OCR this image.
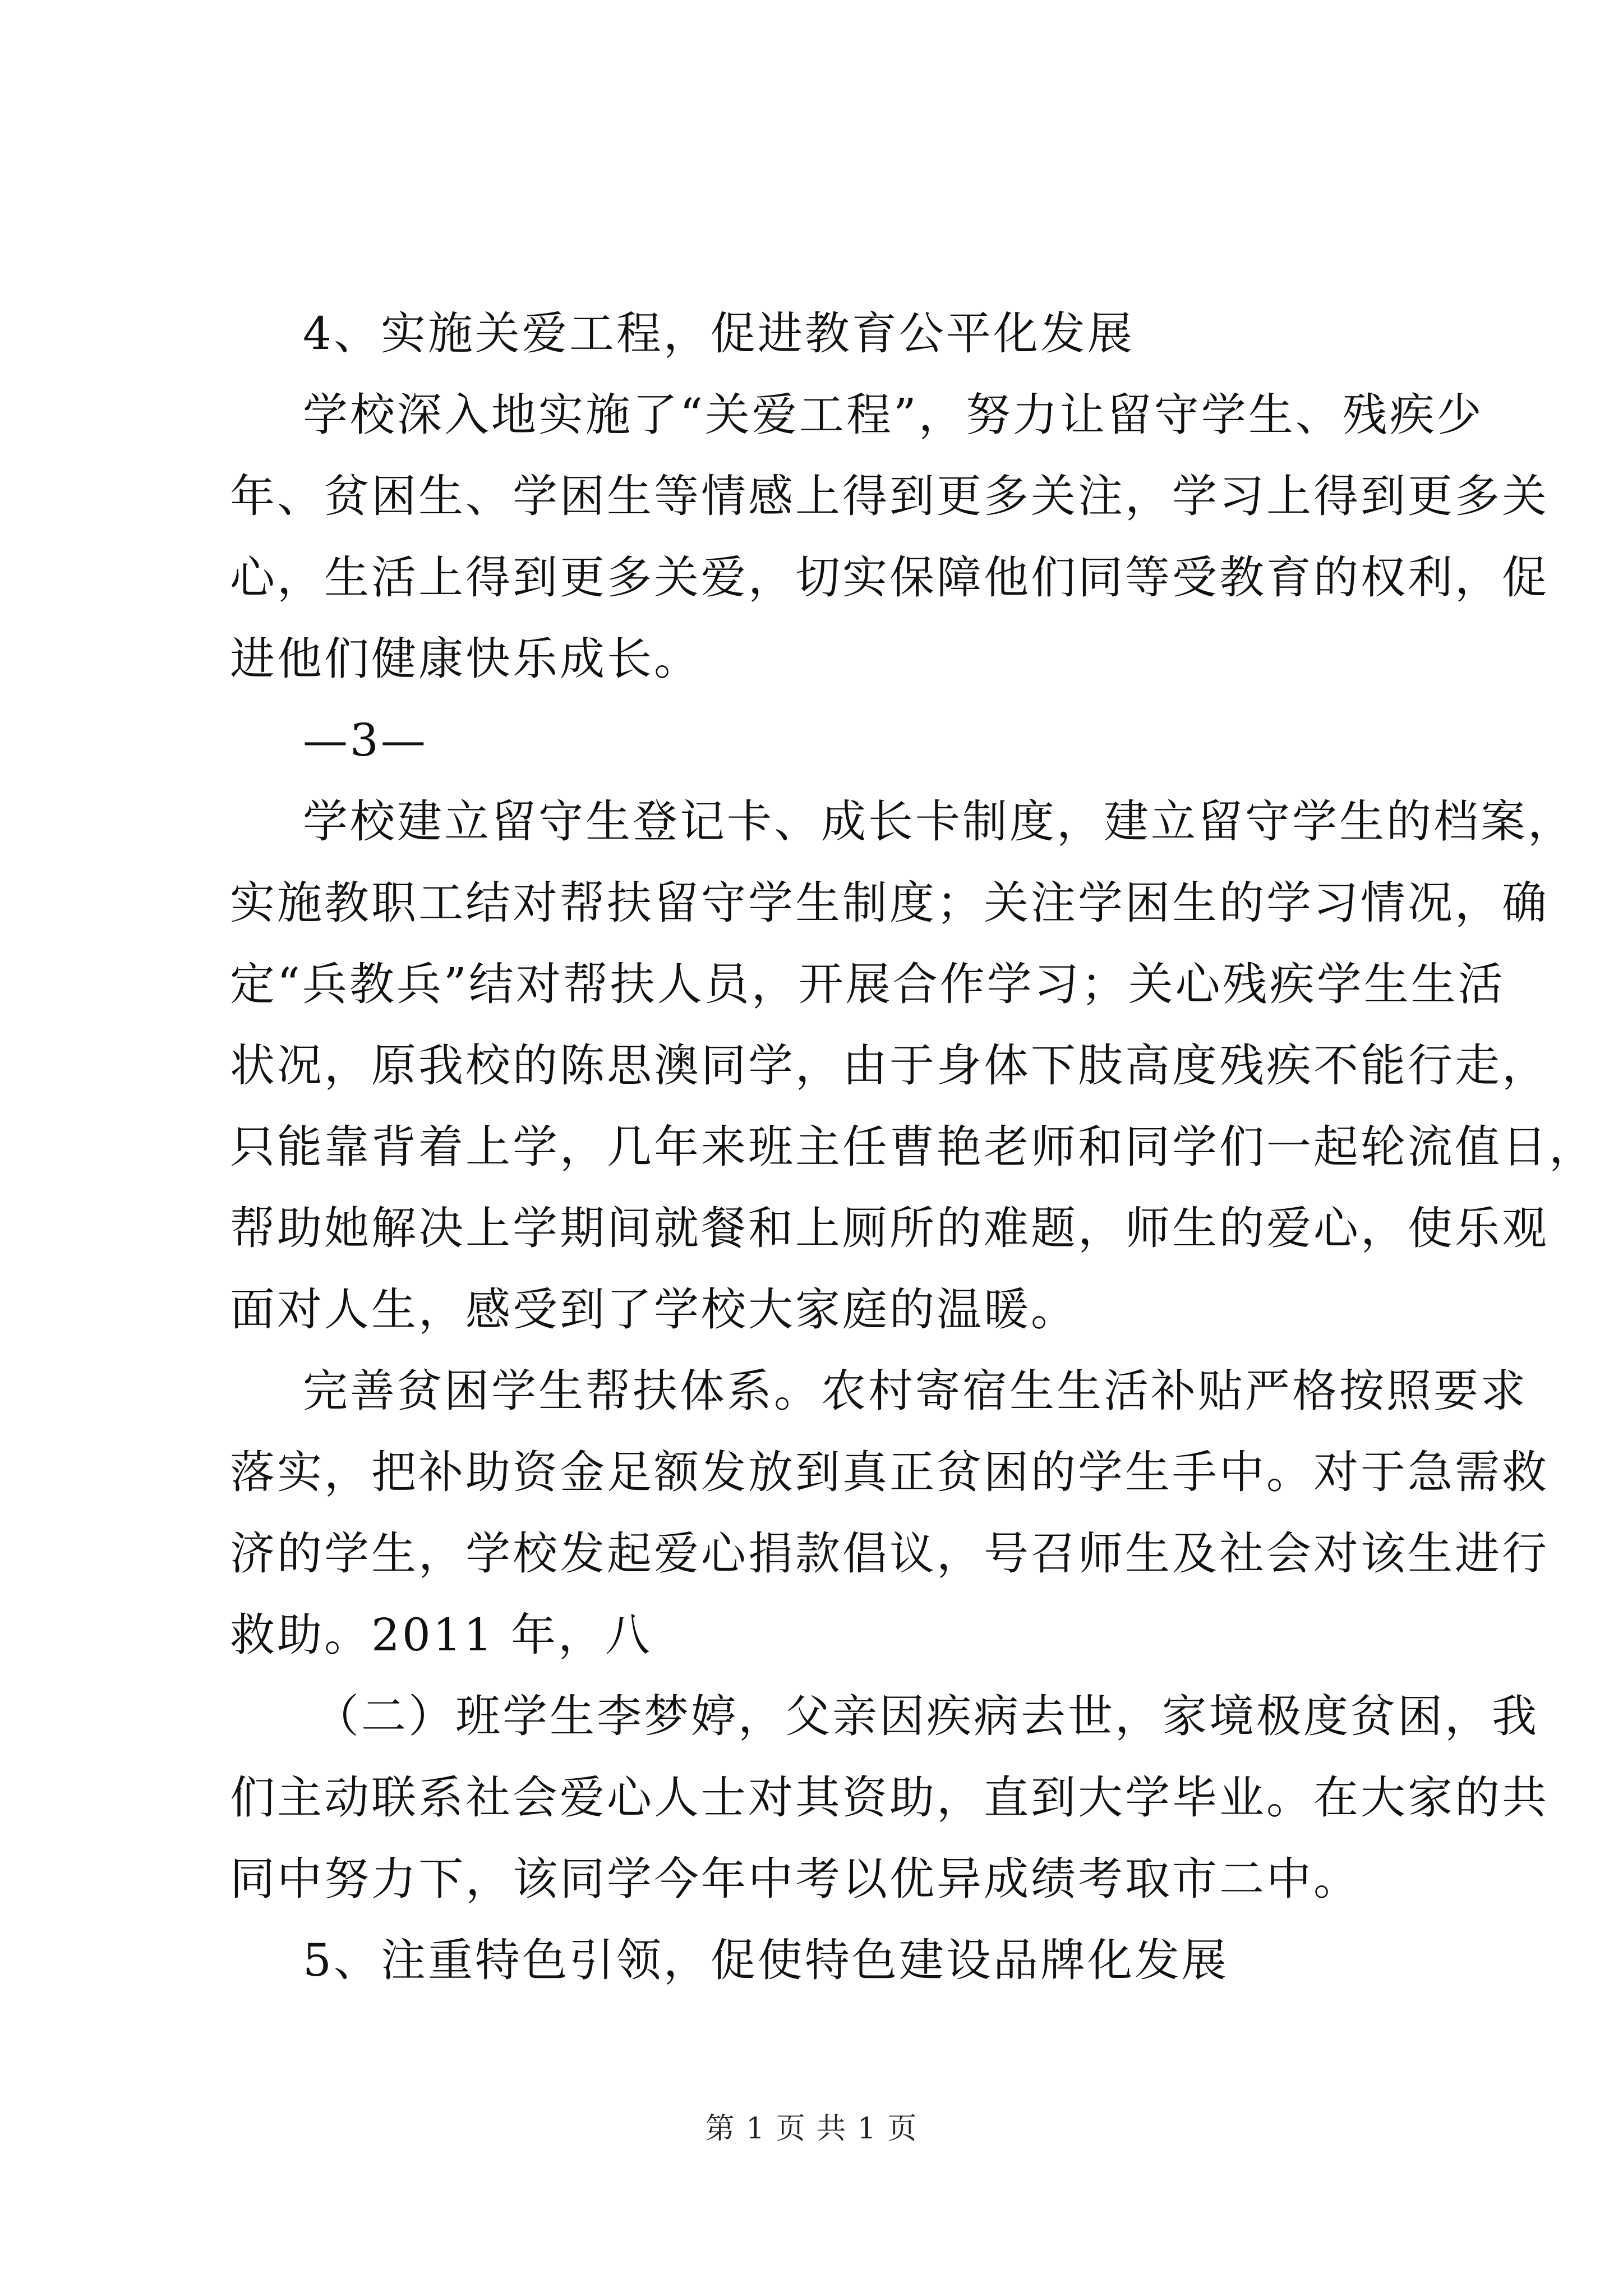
4、实施关爱工程，促进教育公平化发展

学校深入地实施了“关爱工程”，努力让留守学生、残疾少

年、贫困生、学困生等情感上得到更多关注，学习上得到更多关

心，生活上得到更多关爱，切实保障他们同等受教育的权利，促

进他们健康快乐成长。

—3—

学校建立留守生登记卡、成长卡制度，建立留守学生的档案，

实施教职工结对帮扶留守学生制度；关注学困生的学习情况，确

定“兵教兵”结对帮扶人员，开展合作学习；关心残疾学生生活

状况，原我校的陈思澳同学，由于身体下肢高度残疾不能行走，

只能靠背着上学，几年来班主任曹艳老师和同学们一起轮流值日，

帮助她解决上学期间就餐和上厕所的难题，师生的爱心，使乐观

面对人生，感受到了学校大家庭的温暖。

完善贫困学生帮扶体系。农村寄宿生生活补贴严格按照要求

落实，把补助资金足额发放到真正贫困的学生手中。对于急需救

济的学生，学校发起爱心捐款倡议，号召师生及社会对该生进行

救助。2011 年，八

（二）班学生李梦婷，父亲因疾病去世，家境极度贫困，我

们主动联系社会爱心人士对其资助，直到大学毕业。在大家的共

同中努力下，该同学今年中考以优异成绩考取市二中。

5、注重特色引领，促使特色建设品牌化发展

第 1 页 共 1 页
